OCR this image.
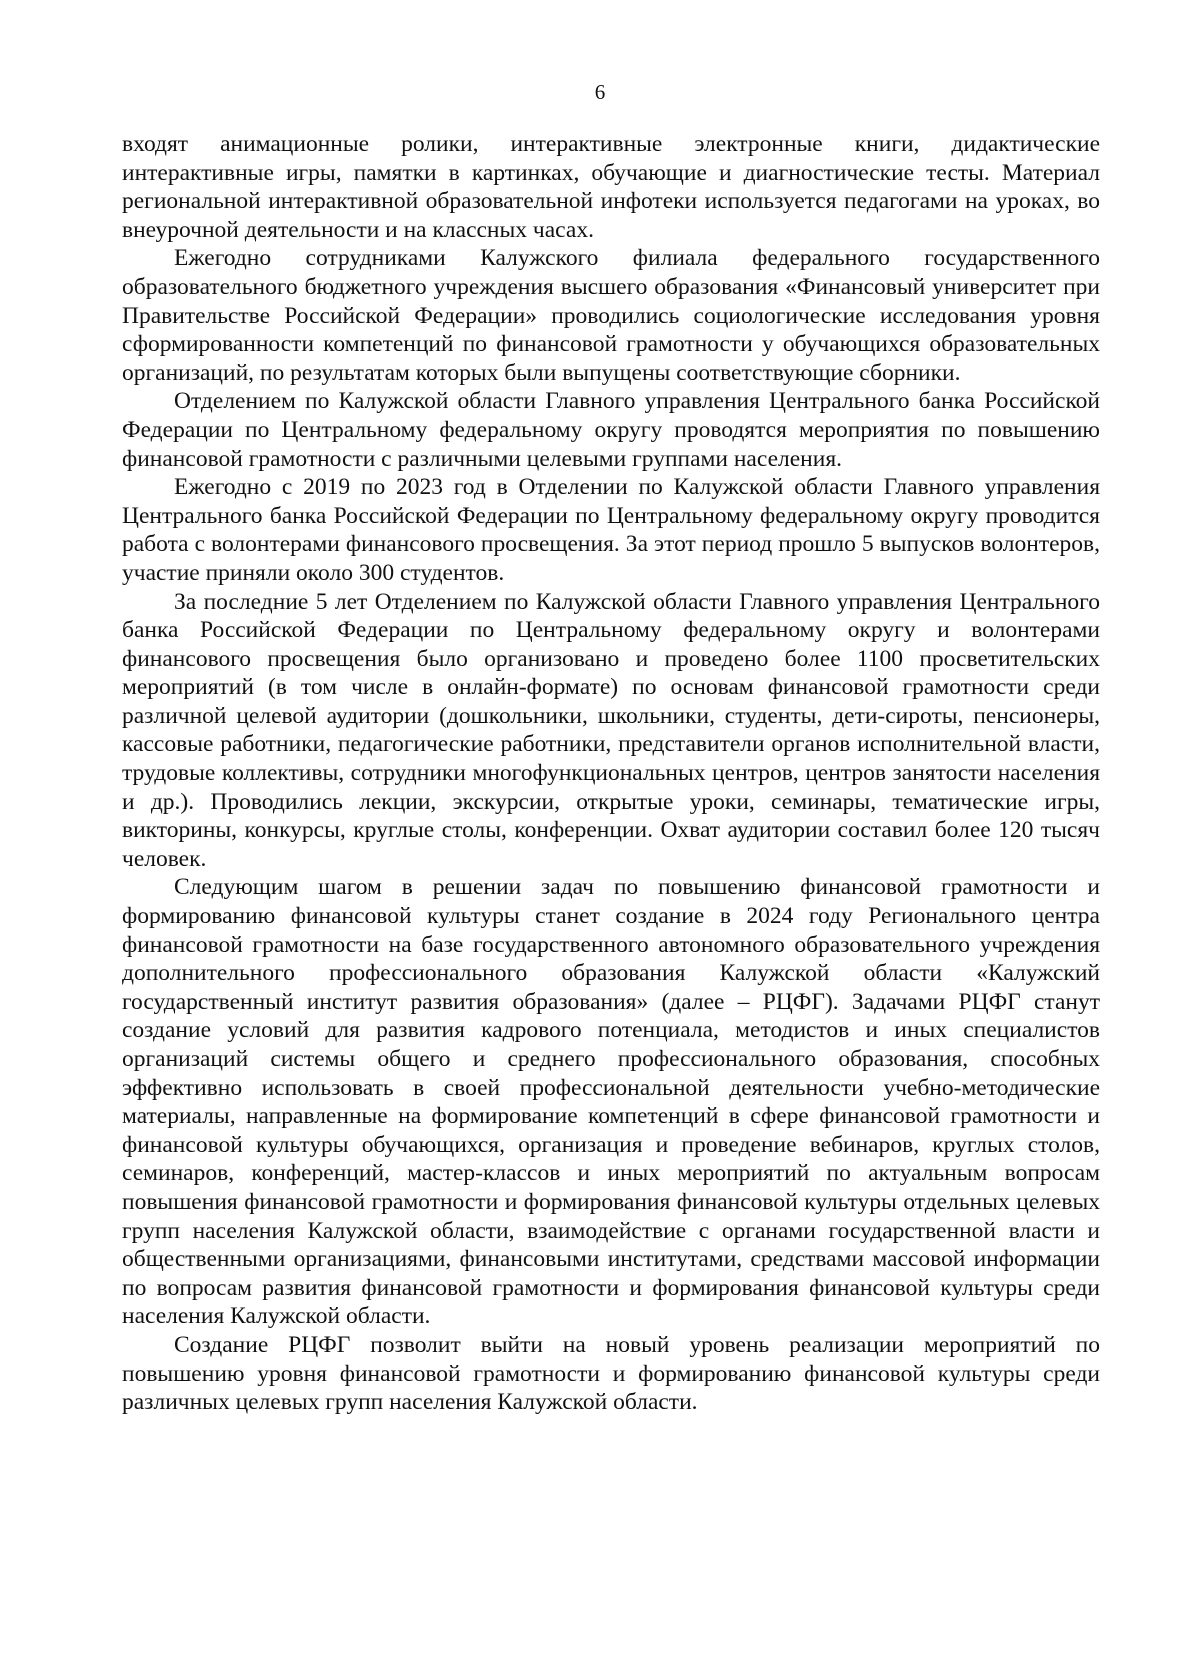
6

входят анимационные ролики, интерактивные электронные книги, дидактические интерактивные игры, памятки в картинках, обучающие и диагностические тесты. Материал региональной интерактивной образовательной инфотеки используется педагогами на уроках, во внеурочной деятельности и на классных часах.

Ежегодно сотрудниками Калужского филиала федерального государственного образовательного бюджетного учреждения высшего образования «Финансовый университет при Правительстве Российской Федерации» проводились социологические исследования уровня сформированности компетенций по финансовой грамотности у обучающихся образовательных организаций, по результатам которых были выпущены соответствующие сборники.

Отделением по Калужской области Главного управления Центрального банка Российской Федерации по Центральному федеральному округу проводятся мероприятия по повышению финансовой грамотности с различными целевыми группами населения.

Ежегодно с 2019 по 2023 год в Отделении по Калужской области Главного управления Центрального банка Российской Федерации по Центральному федеральному округу проводится работа с волонтерами финансового просвещения. За этот период прошло 5 выпусков волонтеров, участие приняли около 300 студентов.

За последние 5 лет Отделением по Калужской области Главного управления Центрального банка Российской Федерации по Центральному федеральному округу и волонтерами финансового просвещения было организовано и проведено более 1100 просветительских мероприятий (в том числе в онлайн-формате) по основам финансовой грамотности среди различной целевой аудитории (дошкольники, школьники, студенты, дети-сироты, пенсионеры, кассовые работники, педагогические работники, представители органов исполнительной власти, трудовые коллективы, сотрудники многофункциональных центров, центров занятости населения и др.). Проводились лекции, экскурсии, открытые уроки, семинары, тематические игры, викторины, конкурсы, круглые столы, конференции. Охват аудитории составил более 120 тысяч человек.

Следующим шагом в решении задач по повышению финансовой грамотности и формированию финансовой культуры станет создание в 2024 году Регионального центра финансовой грамотности на базе государственного автономного образовательного учреждения дополнительного профессионального образования Калужской области «Калужский государственный институт развития образования» (далее – РЦФГ). Задачами РЦФГ станут создание условий для развития кадрового потенциала, методистов и иных специалистов организаций системы общего и среднего профессионального образования, способных эффективно использовать в своей профессиональной деятельности учебно-методические материалы, направленные на формирование компетенций в сфере финансовой грамотности и финансовой культуры обучающихся, организация и проведение вебинаров, круглых столов, семинаров, конференций, мастер-классов и иных мероприятий по актуальным вопросам повышения финансовой грамотности и формирования финансовой культуры отдельных целевых групп населения Калужской области, взаимодействие с органами государственной власти и общественными организациями, финансовыми институтами, средствами массовой информации по вопросам развития финансовой грамотности и формирования финансовой культуры среди населения Калужской области.

Создание РЦФГ позволит выйти на новый уровень реализации мероприятий по повышению уровня финансовой грамотности и формированию финансовой культуры среди различных целевых групп населения Калужской области.
